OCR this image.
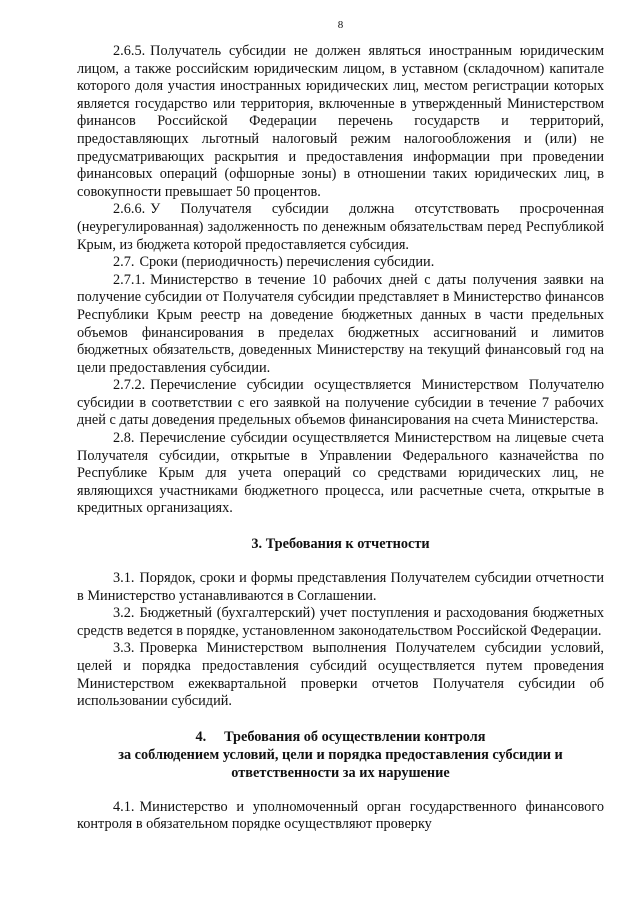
8

2.6.5. Получатель субсидии не должен являться иностранным юридическим лицом, а также российским юридическим лицом, в уставном (складочном) капитале которого доля участия иностранных юридических лиц, местом регистрации которых является государство или территория, включенные в утвержденный Министерством финансов Российской Федерации перечень государств и территорий, предоставляющих льготный налоговый режим налогообложения и (или) не предусматривающих раскрытия и предоставления информации при проведении финансовых операций (офшорные зоны) в отношении таких юридических лиц, в совокупности превышает 50 процентов.

2.6.6. У Получателя субсидии должна отсутствовать просроченная (неурегулированная) задолженность по денежным обязательствам перед Республикой Крым, из бюджета которой предоставляется субсидия.

2.7. Сроки (периодичность) перечисления субсидии.

2.7.1. Министерство в течение 10 рабочих дней с даты получения заявки на получение субсидии от Получателя субсидии представляет в Министерство финансов Республики Крым реестр на доведение бюджетных данных в части предельных объемов финансирования в пределах бюджетных ассигнований и лимитов бюджетных обязательств, доведенных Министерству на текущий финансовый год на цели предоставления субсидии.

2.7.2. Перечисление субсидии осуществляется Министерством Получателю субсидии в соответствии с его заявкой на получение субсидии в течение 7 рабочих дней с даты доведения предельных объемов финансирования на счета Министерства.

2.8. Перечисление субсидии осуществляется Министерством на лицевые счета Получателя субсидии, открытые в Управлении Федерального казначейства по Республике Крым для учета операций со средствами юридических лиц, не являющихся участниками бюджетного процесса, или расчетные счета, открытые в кредитных организациях.

3. Требования к отчетности

3.1. Порядок, сроки и формы представления Получателем субсидии отчетности в Министерство устанавливаются в Соглашении.

3.2. Бюджетный (бухгалтерский) учет поступления и расходования бюджетных средств ведется в порядке, установленном законодательством Российской Федерации.

3.3. Проверка Министерством выполнения Получателем субсидии условий, целей и порядка предоставления субсидий осуществляется путем проведения Министерством ежеквартальной проверки отчетов Получателя субсидии об использовании субсидий.

4.     Требования об осуществлении контроля
за соблюдением условий, цели и порядка предоставления субсидии и
ответственности за их нарушение

4.1. Министерство и уполномоченный орган государственного финансового контроля в обязательном порядке осуществляют проверку
